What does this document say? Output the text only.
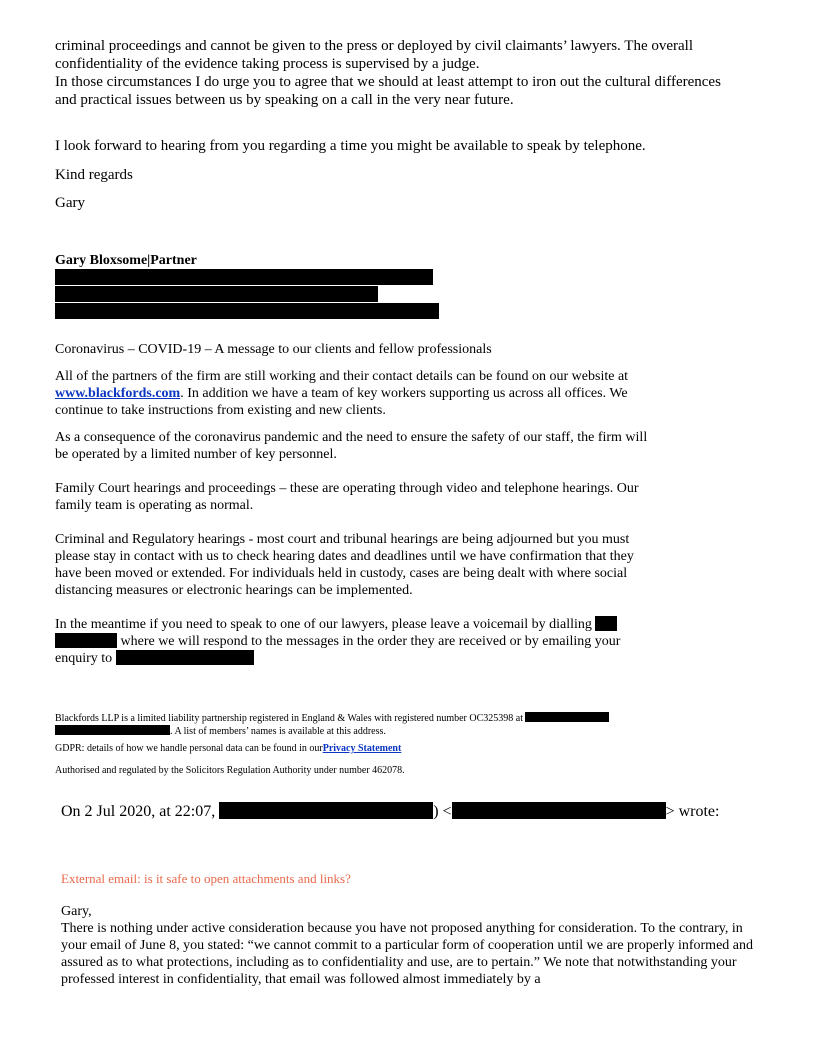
criminal proceedings and cannot be given to the press or deployed by civil claimants’ lawyers. The overall confidentiality of the evidence taking process is supervised by a judge.

In those circumstances I do urge you to agree that we should at least attempt to iron out the cultural differences and practical issues between us by speaking on a call in the very near future.

I look forward to hearing from you regarding a time you might be available to speak by telephone.

Kind regards

Gary

Gary Bloxsome|Partner

Coronavirus – COVID-19 – A message to our clients and fellow professionals

All of the partners of the firm are still working and their contact details can be found on our website at www.blackfords.com. In addition we have a team of key workers supporting us across all offices. We continue to take instructions from existing and new clients.

As a consequence of the coronavirus pandemic and the need to ensure the safety of our staff, the firm will be operated by a limited number of key personnel.

Family Court hearings and proceedings – these are operating through video and telephone hearings. Our family team is operating as normal.

Criminal and Regulatory hearings - most court and tribunal hearings are being adjourned but you must please stay in contact with us to check hearing dates and deadlines until we have confirmation that they have been moved or extended. For individuals held in custody, cases are being dealt with where social distancing measures or electronic hearings can be implemented.

In the meantime if you need to speak to one of our lawyers, please leave a voicemail by dialling
where we will respond to the messages in the order they are received or by emailing your
enquiry to
Blackfords LLP is a limited liability partnership registered in England & Wales with registered number OC325398 at
. A list of members’ names is available at this address.

GDPR: details of how we handle personal data can be found in ourPrivacy Statement

Authorised and regulated by the Solicitors Regulation Authority under number 462078.

On 2 Jul 2020, at 22:07,	) <	> wrote:

External email: is it safe to open attachments and links?

Gary,

There is nothing under active consideration because you have not proposed anything for consideration. To the contrary, in your email of June 8, you stated: “we cannot commit to a particular form of cooperation until we are properly informed and assured as to what protections, including as to confidentiality and use, are to pertain.” We note that notwithstanding your professed interest in confidentiality, that email was followed almost immediately by a
